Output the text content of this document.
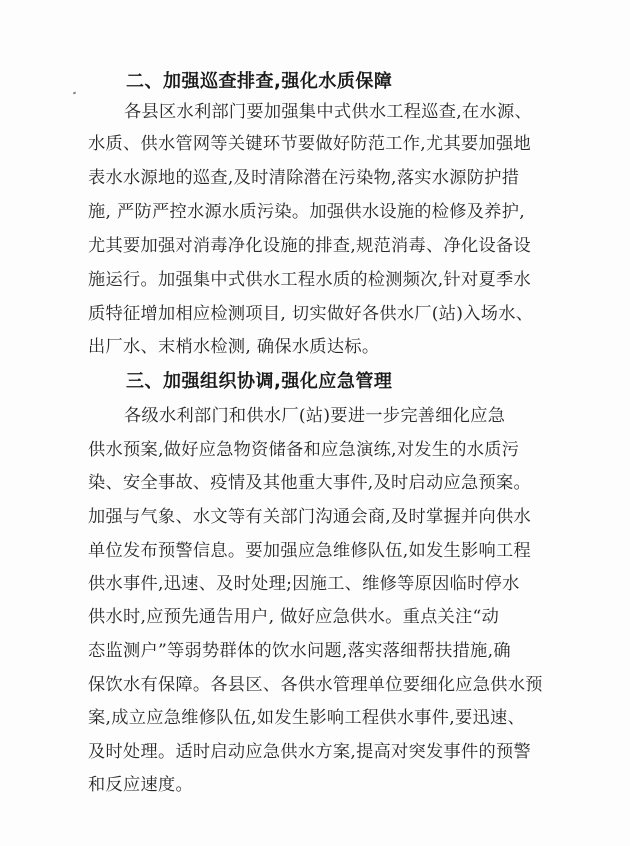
二、加强巡查排查,强化水质保障
各县区水利部门要加强集中式供水工程巡查,在水源、
水质、供水管网等关键环节要做好防范工作,尤其要加强地
表水水源地的巡查,及时清除潜在污染物,落实水源防护措
施, 严防严控水源水质污染。加强供水设施的检修及养护,
尤其要加强对消毒净化设施的排查,规范消毒、净化设备设
施运行。加强集中式供水工程水质的检测频次,针对夏季水
质特征增加相应检测项目, 切实做好各供水厂(站)入场水、
出厂水、末梢水检测, 确保水质达标。
三、加强组织协调,强化应急管理
各级水利部门和供水厂(站)要进一步完善细化应急
供水预案,做好应急物资储备和应急演练,对发生的水质污
染、安全事故、疫情及其他重大事件,及时启动应急预案。
加强与气象、水文等有关部门沟通会商,及时掌握并向供水
单位发布预警信息。要加强应急维修队伍,如发生影响工程
供水事件,迅速、及时处理;因施工、维修等原因临时停水
供水时,应预先通告用户, 做好应急供水。重点关注“动
态监测户”等弱势群体的饮水问题,落实落细帮扶措施,确
保饮水有保障。各县区、各供水管理单位要细化应急供水预
案,成立应急维修队伍,如发生影响工程供水事件,要迅速、
及时处理。适时启动应急供水方案,提高对突发事件的预警
和反应速度。
